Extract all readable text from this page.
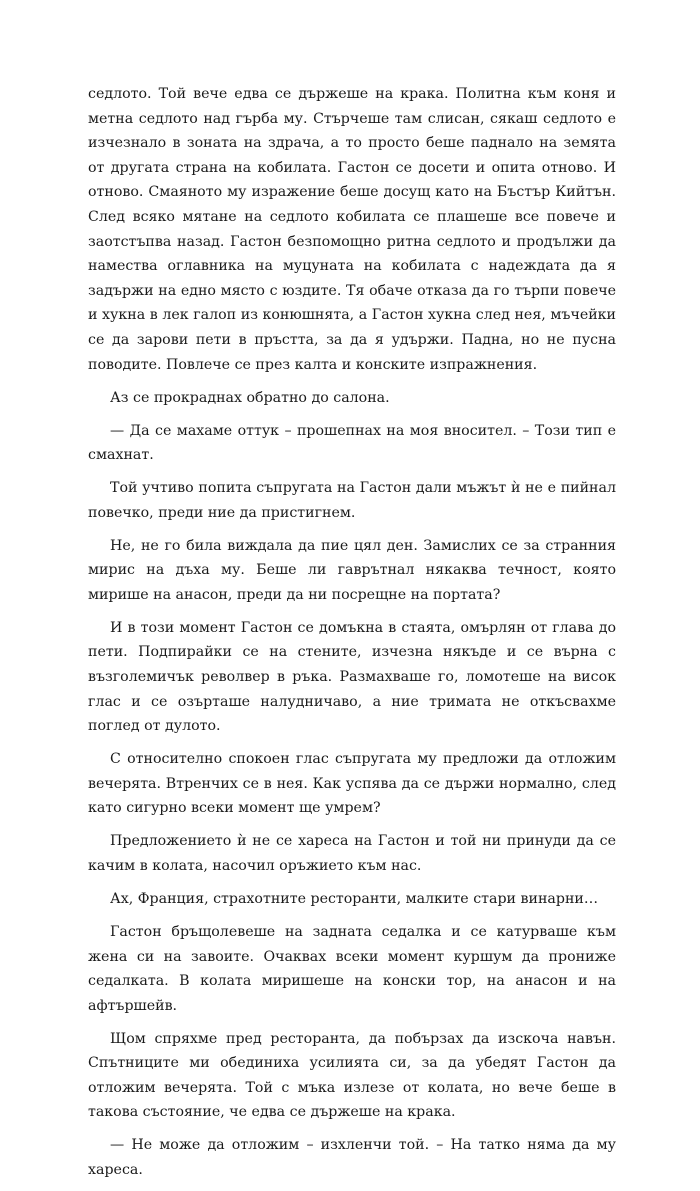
седлото. Той вече едва се държеше на крака. Политна към коня и метна седлото над гърба му. Стърчеше там слисан, сякаш седлото е изчезнало в зоната на здрача, а то просто беше паднало на земята от другата страна на кобилата. Гастон се досети и опита отново. И отново. Смаяното му изражение беше досущ като на Бъстър Кийтън. След всяко мятане на седлото кобилата се плашеше все повече и заотстъпва назад. Гастон безпомощно ритна седлото и продължи да намества оглавника на муцуната на кобилата с надеждата да я задържи на едно място с юздите. Тя обаче отказа да го търпи повече и хукна в лек галоп из конюшнята, а Гастон хукна след нея, мъчейки се да зарови пети в пръстта, за да я удържи. Падна, но не пусна поводите. Повлече се през калта и конските изпражнения.

Аз се прокраднах обратно до салона.

— Да се махаме оттук – прошепнах на моя вносител. – Този тип е смахнат.

Той учтиво попита съпругата на Гастон дали мъжът ѝ не е пийнал повечко, преди ние да пристигнем.

Не, не го била виждала да пие цял ден. Замислих се за странния мирис на дъха му. Беше ли гаврътнал някаква течност, която мирише на анасон, преди да ни посрещне на портата?

И в този момент Гастон се домъкна в стаята, омърлян от глава до пети. Подпирайки се на стените, изчезна някъде и се върна с възголемичък револвер в ръка. Размахваше го, ломотеше на висок глас и се озърташе налудничаво, а ние тримата не откъсвахме поглед от дулото.

С относително спокоен глас съпругата му предложи да отложим вечерята. Втренчих се в нея. Как успява да се държи нормално, след като сигурно всеки момент ще умрем?

Предложението ѝ не се хареса на Гастон и той ни принуди да се качим в колата, насочил оръжието към нас.

Ах, Франция, страхотните ресторанти, малките стари винарни…

Гастон бръщолевеше на задната седалка и се катурваше към жена си на завоите. Очаквах всеки момент куршум да прониже седалката. В колата миришеше на конски тор, на анасон и на афтършейв.

Щом спряхме пред ресторанта, да побързах да изскоча навън. Спътниците ми обединиха усилията си, за да убедят Гастон да отложим вечерята. Той с мъка излезе от колата, но вече беше в такова състояние, че едва се държеше на крака.

— Не може да отложим – изхленчи той. – На татко няма да му хареса.
